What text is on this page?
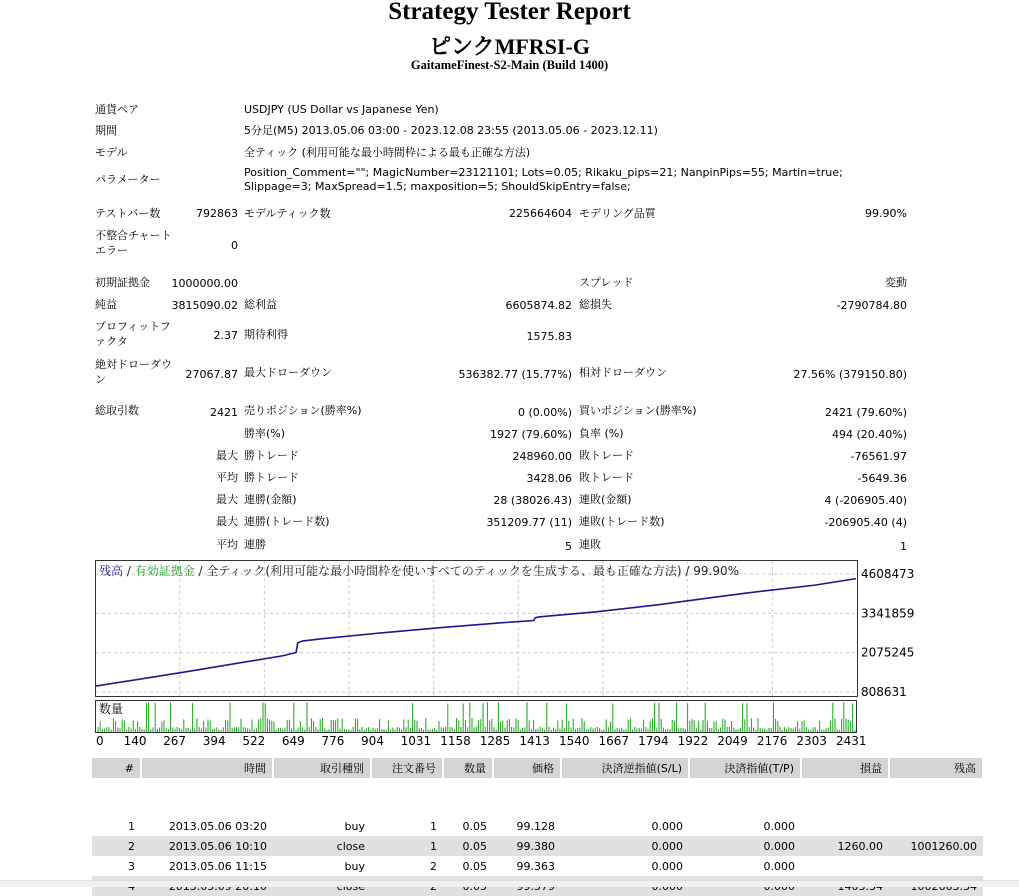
Strategy Tester Report
ピンクMFRSI-G
GaitameFinest-S2-Main (Build 1400)
通貨ペア	USDJPY (US Dollar vs Japanese Yen)
期間	5分足(M5) 2013.05.06 03:00 - 2023.12.08 23:55 (2013.05.06 - 2023.12.11)
モデル	全ティック (利用可能な最小時間枠による最も正確な方法)
パラメーター
Position_Comment=""; MagicNumber=23121101; Lots=0.05; Rikaku_pips=21; NanpinPips=55; Martin=true; Slippage=3; MaxSpread=1.5; maxposition=5; ShouldSkipEntry=false;
テストバー数	792863 モデルティック数	225664604 モデリング品質	99.90%
不整合チャートエラー	0
初期証拠金	1000000.00	スプレッド	変動
純益	3815090.02 総利益	6605874.82 総損失	-2790784.80
プロフィットファクタ	2.37 期待利得	1575.83
絶対ドローダウン	27067.87 最大ドローダウン	536382.77 (15.77%) 相対ドローダウン	27.56% (379150.80)
総取引数	2421 売りポジション(勝率%)	0 (0.00%) 買いポジション(勝率%)	2421 (79.60%)
勝率(%)	1927 (79.60%) 負率 (%)	494 (20.40%)
最大 勝トレード	248960.00 敗トレード	-76561.97
平均 勝トレード	3428.06 敗トレード	-5649.36
最大 連勝(金額)	28 (38026.43) 連敗(金額)	4 (-206905.40)
最大 連勝(トレード数)	351209.77 (11) 連敗(トレード数)	-206905.40 (4)
平均 連勝	5 連敗	1
4608473
3341859
2075245
808631
残高 / 有効証拠金 / 全ティック(利用可能な最小時間枠を使いすべてのティックを生成する、最も正確な方法) / 99.90%
数量
0 140 267 394 522 649 776 904 1031 1158 1285 1413 1540 1667 1794 1922 2049 2176 2303 2431
#	時間	取引種別	注文番号	数量	価格	決済逆指値(S/L)	決済指値(T/P)	損益	残高

1	2013.05.06 03:20	buy	1	0.05	99.128	0.000	0.000		
2	2013.05.06 10:10	close	1	0.05	99.380	0.000	0.000	1260.00	1001260.00
3	2013.05.06 11:15	buy	2	0.05	99.363	0.000	0.000		
